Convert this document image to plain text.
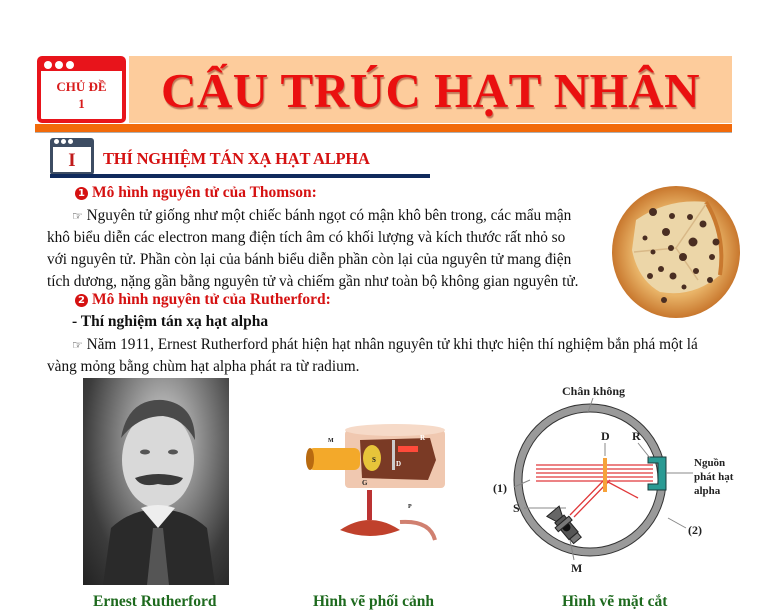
CHỦ ĐỀ
1	CẤU TRÚC HẠT NHÂN
I	THÍ NGHIỆM TÁN XẠ HẠT ALPHA
1 Mô hình nguyên tử của Thomson:
☞ Nguyên tử giống như một chiếc bánh ngọt có mận khô bên trong, các mẩu mận
khô biểu diễn các electron mang điện tích âm có khối lượng và kích thước rất nhỏ so
với nguyên tử. Phần còn lại của bánh biểu diễn phần còn lại của nguyên tử mang điện
tích dương, nặng gần bằng nguyên tử và chiếm gần như toàn bộ không gian nguyên tử.
2 Mô hình nguyên tử của Rutherford:
- Thí nghiệm tán xạ hạt alpha
☞ Năm 1911, Ernest Rutherford phát hiện hạt nhân nguyên tử khi thực hiện thí nghiệm bắn phá một lá
vàng mỏng bằng chùm hạt alpha phát ra từ radium.
Ernest Rutherford
M
S
R
D
G
P
Hình vẽ phối cảnh
Chân không
D R
Nguồn
phát hạt
alpha
(1)
(2)
S
M
Hình vẽ mặt cắt
